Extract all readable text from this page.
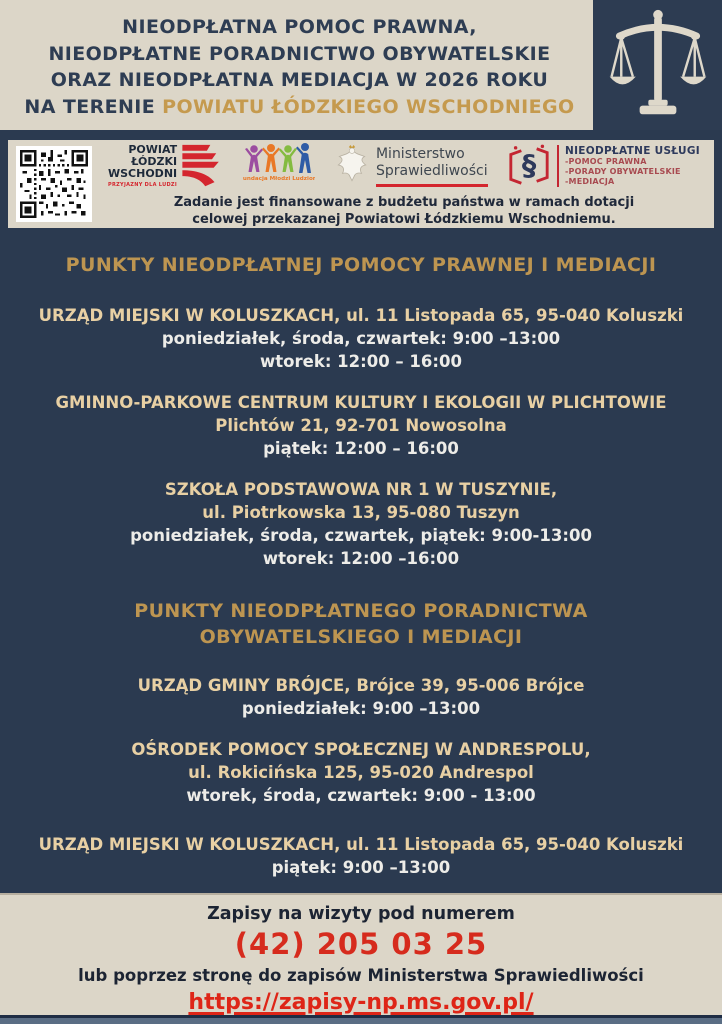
NIEODPŁATNA POMOC PRAWNA,
NIEODPŁATNE PORADNICTWO OBYWATELSKIE
ORAZ NIEODPŁATNA MEDIACJA W 2026 ROKU
NA TERENIE POWIATU ŁÓDZKIEGO WSCHODNIEGO
POWIAT
ŁÓDZKI
WSCHODNI
PRZYJAZNY DLA LUDZI
Fundacja Młodzi Ludziom
Ministerstwo
Sprawiedliwości §	NIEODPŁATNE USŁUGI
-POMOC PRAWNA
-PORADY OBYWATELSKIE
-MEDIACJA
Zadanie jest finansowane z budżetu państwa w ramach dotacji
celowej przekazanej Powiatowi Łódzkiemu Wschodniemu.
PUNKTY NIEODPŁATNEJ POMOCY PRAWNEJ I MEDIACJI
URZĄD MIEJSKI W KOLUSZKACH, ul. 11 Listopada 65, 95-040 Koluszki
poniedziałek, środa, czwartek: 9:00 –13:00
wtorek: 12:00 – 16:00
GMINNO-PARKOWE CENTRUM KULTURY I EKOLOGII W PLICHTOWIE
Plichtów 21, 92-701 Nowosolna
piątek: 12:00 – 16:00
SZKOŁA PODSTAWOWA NR 1 W TUSZYNIE,
ul. Piotrkowska 13, 95-080 Tuszyn
poniedziałek, środa, czwartek, piątek: 9:00-13:00
wtorek: 12:00 –16:00
PUNKTY NIEODPŁATNEGO PORADNICTWA OBYWATELSKIEGO I MEDIACJI
URZĄD GMINY BRÓJCE, Brójce 39, 95-006 Brójce
poniedziałek: 9:00 –13:00
OŚRODEK POMOCY SPOŁECZNEJ W ANDRESPOLU,
ul. Rokicińska 125, 95-020 Andrespol
wtorek, środa, czwartek: 9:00 - 13:00
URZĄD MIEJSKI W KOLUSZKACH, ul. 11 Listopada 65, 95-040 Koluszki
piątek: 9:00 –13:00
Zapisy na wizyty pod numerem
(42) 205 03 25
lub poprzez stronę do zapisów Ministerstwa Sprawiedliwości
https://zapisy-np.ms.gov.pl/
